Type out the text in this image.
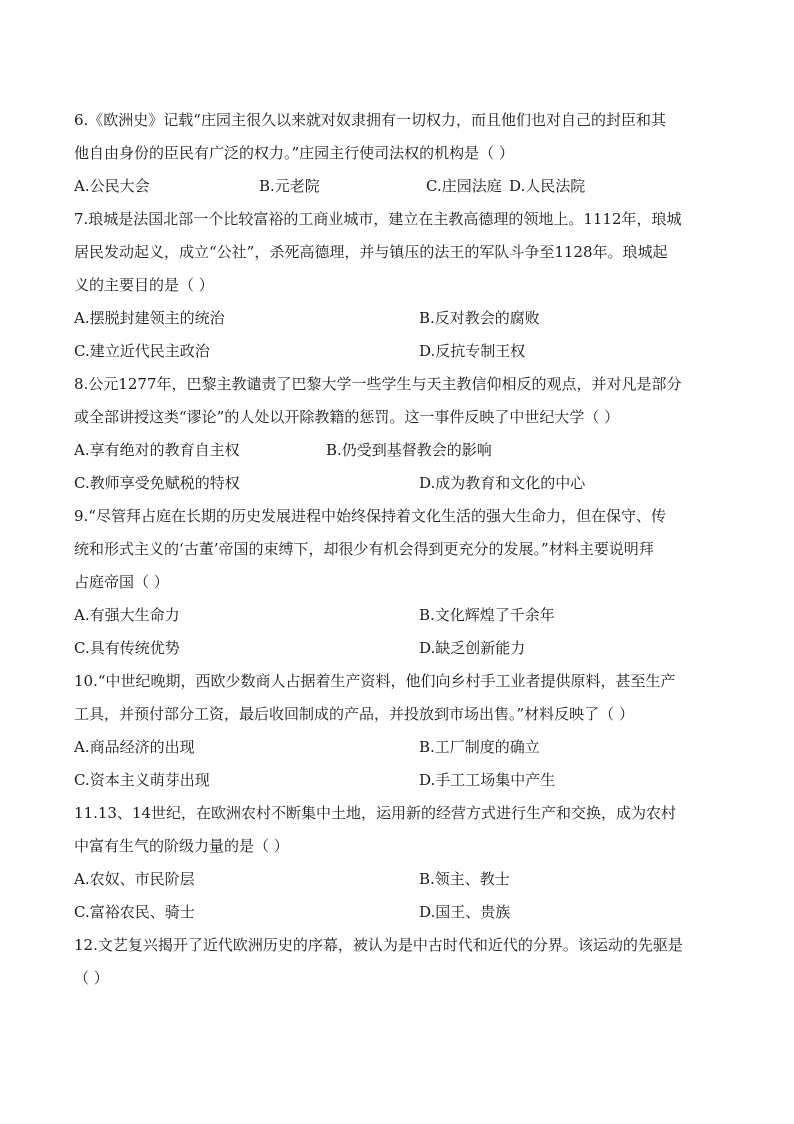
6.《欧洲史》记载“庄园主很久以来就对奴隶拥有一切权力，而且他们也对自己的封臣和其
他自由身份的臣民有广泛的权力。”庄园主行使司法权的机构是（ ）
A.公民大会	B.元老院	C.庄园法庭 D.人民法院
7.琅城是法国北部一个比较富裕的工商业城市，建立在主教高德理的领地上。1112年，琅城
居民发动起义，成立“公社”，杀死高德理，并与镇压的法王的军队斗争至1128年。琅城起
义的主要目的是（ ）
A.摆脱封建领主的统治	B.反对教会的腐败
C.建立近代民主政治	D.反抗专制王权
8.公元1277年，巴黎主教谴责了巴黎大学一些学生与天主教信仰相反的观点，并对凡是部分
或全部讲授这类“谬论”的人处以开除教籍的惩罚。这一事件反映了中世纪大学（ ）
A.享有绝对的教育自主权	B.仍受到基督教会的影响
C.教师享受免赋税的特权	D.成为教育和文化的中心
9.“尽管拜占庭在长期的历史发展进程中始终保持着文化生活的强大生命力，但在保守、传
统和形式主义的‘古董’帝国的束缚下，却很少有机会得到更充分的发展。”材料主要说明拜
占庭帝国（ ）
A.有强大生命力	B.文化辉煌了千余年
C.具有传统优势	D.缺乏创新能力
10.“中世纪晚期，西欧少数商人占据着生产资料，他们向乡村手工业者提供原料，甚至生产
工具，并预付部分工资，最后收回制成的产品，并投放到市场出售。”材料反映了（ ）
A.商品经济的出现	B.工厂制度的确立
C.资本主义萌芽出现	D.手工工场集中产生
11.13、14世纪，在欧洲农村不断集中土地，运用新的经营方式进行生产和交换，成为农村
中富有生气的阶级力量的是（ ）
A.农奴、市民阶层	B.领主、教士
C.富裕农民、骑士	D.国王、贵族
12.文艺复兴揭开了近代欧洲历史的序幕，被认为是中古时代和近代的分界。该运动的先驱是
（ ）
